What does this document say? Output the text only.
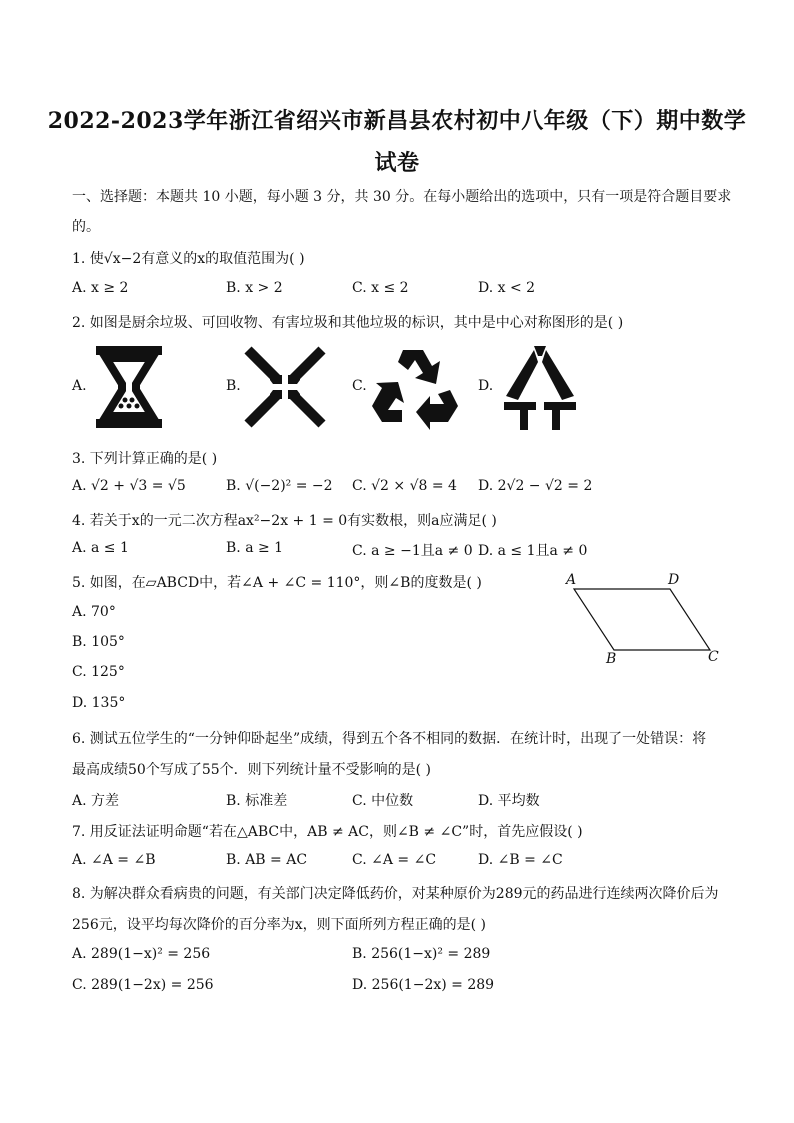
2022-2023学年浙江省绍兴市新昌县农村初中八年级（下）期中数学
试卷
一、选择题：本题共 10 小题，每小题 3 分，共 30 分。在每小题给出的选项中，只有一项是符合题目要求
的。
1. 使√x−2有意义的x的取值范围为( )
A. x ≥ 2	B. x > 2	C. x ≤ 2	D. x < 2
2. 如图是厨余垃圾、可回收物、有害垃圾和其他垃圾的标识，其中是中心对称图形的是( )
A.	B.	C.	D.
3. 下列计算正确的是( )
A. √2 + √3 = √5	B. √(−2)² = −2 C. √2 × √8 = 4 D. 2√2 − √2 = 2
4. 若关于x的一元二次方程ax²−2x + 1 = 0有实数根，则a应满足( )
A. a ≤ 1	B. a ≥ 1	C. a ≥ −1且a ≠ 0 D. a ≤ 1且a ≠ 0
5. 如图，在▱ABCD中，若∠A + ∠C = 110°，则∠B的度数是( )
A. 70°
B. 105°
C. 125°
D. 135°
A	D
B	C
6. 测试五位学生的“一分钟仰卧起坐”成绩，得到五个各不相同的数据．在统计时，出现了一处错误：将
最高成绩50个写成了55个．则下列统计量不受影响的是( )
A. 方差	B. 标准差	C. 中位数	D. 平均数
7. 用反证法证明命题“若在△ABC中，AB ≠ AC，则∠B ≠ ∠C”时，首先应假设( )
A. ∠A = ∠B	B. AB = AC	C. ∠A = ∠C	D. ∠B = ∠C
8. 为解决群众看病贵的问题，有关部门决定降低药价，对某种原价为289元的药品进行连续两次降价后为
256元，设平均每次降价的百分率为x，则下面所列方程正确的是( )
A. 289(1−x)² = 256	B. 256(1−x)² = 289
C. 289(1−2x) = 256	D. 256(1−2x) = 289
